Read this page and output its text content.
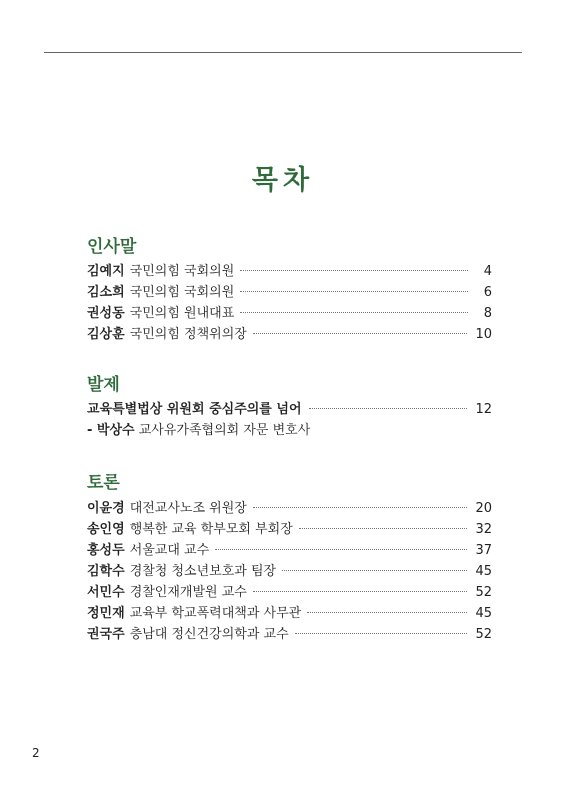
목차
인사말
김예지 국민의힘 국회의원	4
김소희 국민의힘 국회의원	6
권성동 국민의힘 원내대표	8
김상훈 국민의힘 정책위의장	10
발제
교육특별법상 위원회 중심주의를 넘어	12
- 박상수 교사유가족협의회 자문 변호사
토론
이윤경 대전교사노조 위원장	20
송인영 행복한 교육 학부모회 부회장	32
홍성두 서울교대 교수	37
김학수 경찰청 청소년보호과 팀장	45
서민수 경찰인재개발원 교수	52
정민재 교육부 학교폭력대책과 사무관	45
권국주 충남대 정신건강의학과 교수	52
2
